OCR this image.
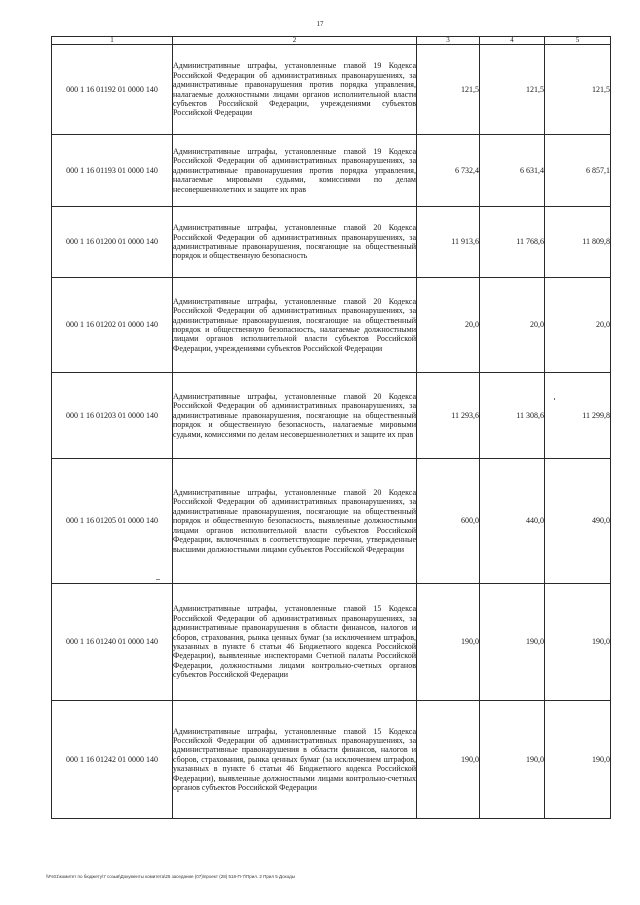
17
1	2	3	4	5
000 1 16 01192 01 0000 140	Административные штрафы, установленные главой 19 Кодекса Российской Федерации об административных правонарушениях, за административные правонарушения против порядка управления, налагаемые должностными лицами органов исполнительной власти субъектов Российской Федерации, учреждениями субъектов Российской Федерации	121,5	121,5	121,5
000 1 16 01193 01 0000 140	Административные штрафы, установленные главой 19 Кодекса Российской Федерации об административных правонарушениях, за административные правонарушения против порядка управления, налагаемые мировыми судьями, комиссиями по делам несовершеннолетних и защите их прав	6 732,4	6 631,4	6 857,1
000 1 16 01200 01 0000 140	Административные штрафы, установленные главой 20 Кодекса Российской Федерации об административных правонарушениях, за административные правонарушения, посягающие на общественный порядок и общественную безопасность	11 913,6	11 768,6	11 809,8
000 1 16 01202 01 0000 140	Административные штрафы, установленные главой 20 Кодекса Российской Федерации об административных правонарушениях, за административные правонарушения, посягающие на общественный порядок и общественную безопасность, налагаемые должностными лицами органов исполнительной власти субъектов Российской Федерации, учреждениями субъектов Российской Федерации	20,0	20,0	20,0
000 1 16 01203 01 0000 140	Административные штрафы, установленные главой 20 Кодекса Российской Федерации об административных правонарушениях, за административные правонарушения, посягающие на общественный порядок и общественную безопасность, налагаемые мировыми судьями, комиссиями по делам несовершеннолетних и защите их прав	11 293,6	11 308,6	11 299,8
000 1 16 01205 01 0000 140	Административные штрафы, установленные главой 20 Кодекса Российской Федерации об административных правонарушениях, за административные правонарушения, посягающие на общественный порядок и общественную безопасность, выявленные должностными лицами органов исполнительной власти субъектов Российской Федерации, включенных в соответствующие перечни, утвержденные высшими должностными лицами субъектов Российской Федерации	600,0	440,0	490,0
000 1 16 01240 01 0000 140	Административные штрафы, установленные главой 15 Кодекса Российской Федерации об административных правонарушениях, за административные правонарушения в области финансов, налогов и сборов, страхования, рынка ценных бумаг (за исключением штрафов, указанных в пункте 6 статьи 46 Бюджетного кодекса Российской Федерации), выявленные инспекторами Счетной палаты Российской Федерации, должностными лицами контрольно-счетных органов субъектов Российской Федерации	190,0	190,0	190,0
000 1 16 01242 01 0000 140	Административные штрафы, установленные главой 15 Кодекса Российской Федерации об административных правонарушениях, за административные правонарушения в области финансов, налогов и сборов, страхования, рынка ценных бумаг (за исключением штрафов, указанных в пункте 6 статьи 46 Бюджетного кодекса Российской Федерации), выявленные должностными лицами контрольно-счетных органов субъектов Российской Федерации	190,0	190,0	190,0
\\Fs01\комитет по бюджету\7 созыв\Документы комитета\25 заседание (07)\проект (28) 518-П-7\Прил. 2 Прил 5 Доходы
